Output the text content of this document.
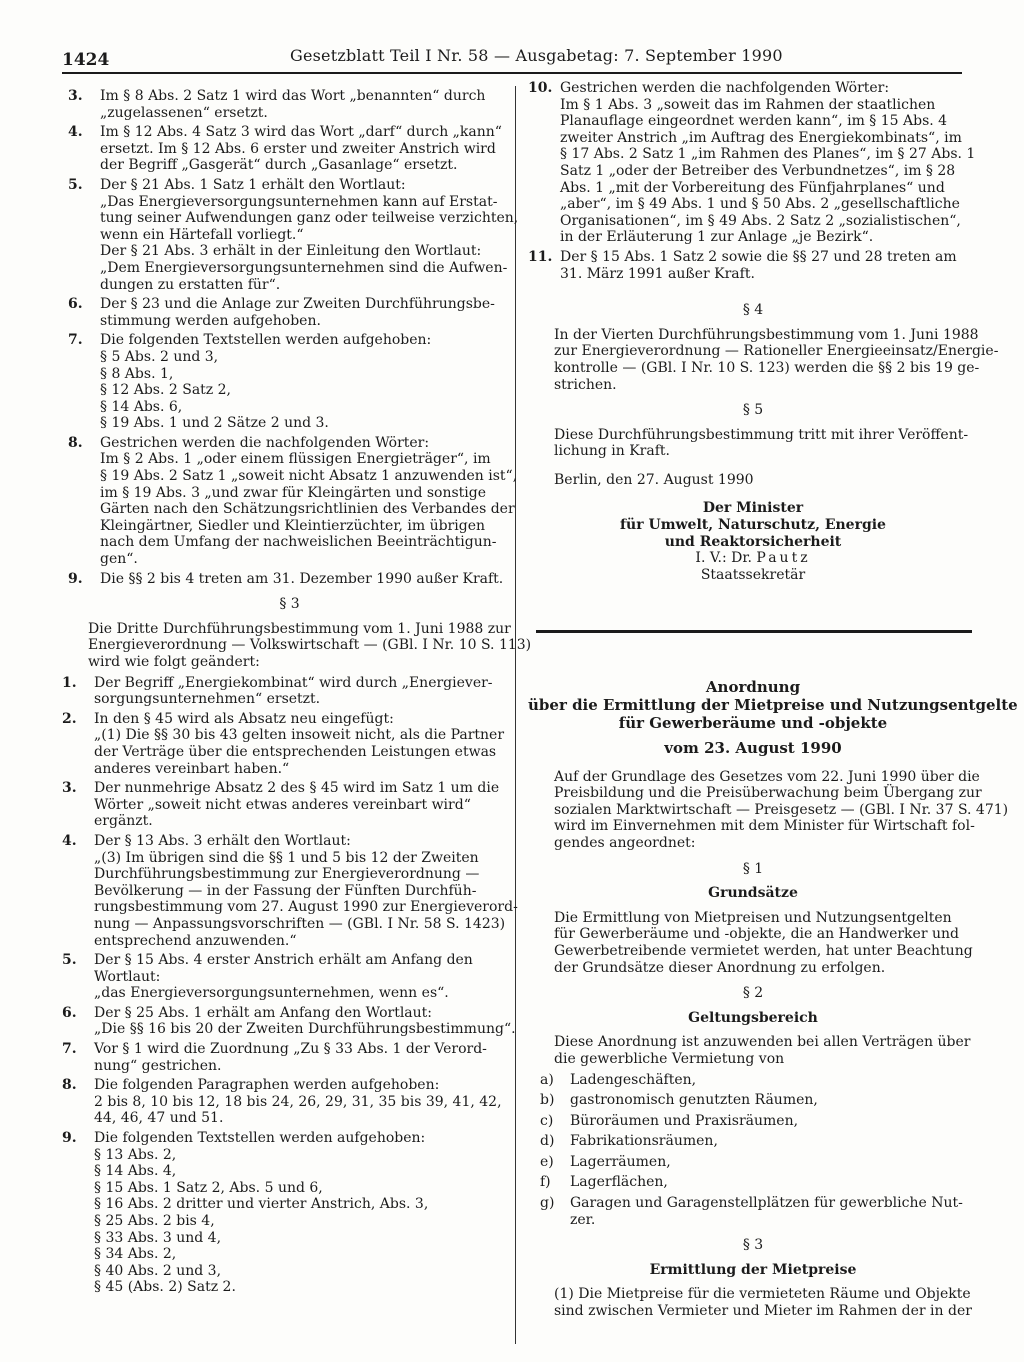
1424	Gesetzblatt Teil I Nr. 58 — Ausgabetag: 7. September 1990
3.	Im § 8 Abs. 2 Satz 1 wird das Wort „benannten“ durch
„zugelassenen“ ersetzt.
4.	Im § 12 Abs. 4 Satz 3 wird das Wort „darf“ durch „kann“
ersetzt. Im § 12 Abs. 6 erster und zweiter Anstrich wird
der Begriff „Gasgerät“ durch „Gasanlage“ ersetzt.
5.	Der § 21 Abs. 1 Satz 1 erhält den Wortlaut:
„Das Energieversorgungsunternehmen kann auf Erstat-
tung seiner Aufwendungen ganz oder teilweise verzichten,
wenn ein Härtefall vorliegt.“
Der § 21 Abs. 3 erhält in der Einleitung den Wortlaut:
„Dem Energieversorgungsunternehmen sind die Aufwen-
dungen zu erstatten für“.
6.	Der § 23 und die Anlage zur Zweiten Durchführungsbe-
stimmung werden aufgehoben.
7.	Die folgenden Textstellen werden aufgehoben:
§ 5 Abs. 2 und 3,
§ 8 Abs. 1,
§ 12 Abs. 2 Satz 2,
§ 14 Abs. 6,
§ 19 Abs. 1 und 2 Sätze 2 und 3.
8.	Gestrichen werden die nachfolgenden Wörter:
Im § 2 Abs. 1 „oder einem flüssigen Energieträger“, im
§ 19 Abs. 2 Satz 1 „soweit nicht Absatz 1 anzuwenden ist“,
im § 19 Abs. 3 „und zwar für Kleingärten und sonstige
Gärten nach den Schätzungsrichtlinien des Verbandes der
Kleingärtner, Siedler und Kleintierzüchter, im übrigen
nach dem Umfang der nachweislichen Beeinträchtigun-
gen“.
9.	Die §§ 2 bis 4 treten am 31. Dezember 1990 außer Kraft.
§ 3
Die Dritte Durchführungsbestimmung vom 1. Juni 1988 zur
Energieverordnung — Volkswirtschaft — (GBl. I Nr. 10 S. 113)
wird wie folgt geändert:
1.	Der Begriff „Energiekombinat“ wird durch „Energiever-
sorgungsunternehmen“ ersetzt.
2.	In den § 45 wird als Absatz neu eingefügt:
„(1) Die §§ 30 bis 43 gelten insoweit nicht, als die Partner
der Verträge über die entsprechenden Leistungen etwas
anderes vereinbart haben.“
3.	Der nunmehrige Absatz 2 des § 45 wird im Satz 1 um die
Wörter „soweit nicht etwas anderes vereinbart wird“
ergänzt.
4.	Der § 13 Abs. 3 erhält den Wortlaut:
„(3) Im übrigen sind die §§ 1 und 5 bis 12 der Zweiten
Durchführungsbestimmung zur Energieverordnung —
Bevölkerung — in der Fassung der Fünften Durchfüh-
rungsbestimmung vom 27. August 1990 zur Energieverord-
nung — Anpassungsvorschriften — (GBl. I Nr. 58 S. 1423)
entsprechend anzuwenden.“
5.	Der § 15 Abs. 4 erster Anstrich erhält am Anfang den
Wortlaut:
„das Energieversorgungsunternehmen, wenn es“.
6.	Der § 25 Abs. 1 erhält am Anfang den Wortlaut:
„Die §§ 16 bis 20 der Zweiten Durchführungsbestimmung“.
7.	Vor § 1 wird die Zuordnung „Zu § 33 Abs. 1 der Verord-
nung“ gestrichen.
8.	Die folgenden Paragraphen werden aufgehoben:
2 bis 8, 10 bis 12, 18 bis 24, 26, 29, 31, 35 bis 39, 41, 42,
44, 46, 47 und 51.
9.	Die folgenden Textstellen werden aufgehoben:
§ 13 Abs. 2,
§ 14 Abs. 4,
§ 15 Abs. 1 Satz 2, Abs. 5 und 6,
§ 16 Abs. 2 dritter und vierter Anstrich, Abs. 3,
§ 25 Abs. 2 bis 4,
§ 33 Abs. 3 und 4,
§ 34 Abs. 2,
§ 40 Abs. 2 und 3,
§ 45 (Abs. 2) Satz 2.
10. Gestrichen werden die nachfolgenden Wörter:
Im § 1 Abs. 3 „soweit das im Rahmen der staatlichen
Planauflage eingeordnet werden kann“, im § 15 Abs. 4
zweiter Anstrich „im Auftrag des Energiekombinats“, im
§ 17 Abs. 2 Satz 1 „im Rahmen des Planes“, im § 27 Abs. 1
Satz 1 „oder der Betreiber des Verbundnetzes“, im § 28
Abs. 1 „mit der Vorbereitung des Fünfjahrplanes“ und
„aber“, im § 49 Abs. 1 und § 50 Abs. 2 „gesellschaftliche
Organisationen“, im § 49 Abs. 2 Satz 2 „sozialistischen“,
in der Erläuterung 1 zur Anlage „je Bezirk“.
11. Der § 15 Abs. 1 Satz 2 sowie die §§ 27 und 28 treten am
31. März 1991 außer Kraft.
§ 4
In der Vierten Durchführungsbestimmung vom 1. Juni 1988
zur Energieverordnung — Rationeller Energieeinsatz/Energie-
kontrolle — (GBl. I Nr. 10 S. 123) werden die §§ 2 bis 19 ge-
strichen.
§ 5
Diese Durchführungsbestimmung tritt mit ihrer Veröffent-
lichung in Kraft.
Berlin, den 27. August 1990
Der Minister
für Umwelt, Naturschutz, Energie
und Reaktorsicherheit
I. V.: Dr. Pautz
Staatssekretär
Anordnung
über die Ermittlung der Mietpreise und Nutzungsentgelte
für Gewerberäume und -objekte
vom 23. August 1990
Auf der Grundlage des Gesetzes vom 22. Juni 1990 über die
Preisbildung und die Preisüberwachung beim Übergang zur
sozialen Marktwirtschaft — Preisgesetz — (GBl. I Nr. 37 S. 471)
wird im Einvernehmen mit dem Minister für Wirtschaft fol-
gendes angeordnet:
§ 1
Grundsätze
Die Ermittlung von Mietpreisen und Nutzungsentgelten
für Gewerberäume und -objekte, die an Handwerker und
Gewerbetreibende vermietet werden, hat unter Beachtung
der Grundsätze dieser Anordnung zu erfolgen.
§ 2
Geltungsbereich
Diese Anordnung ist anzuwenden bei allen Verträgen über
die gewerbliche Vermietung von
a)	Ladengeschäften,
b)	gastronomisch genutzten Räumen,
c)	Büroräumen und Praxisräumen,
d)	Fabrikationsräumen,
e)	Lagerräumen,
f)	Lagerflächen,
g)	Garagen und Garagenstellplätzen für gewerbliche Nut-
zer.
§ 3
Ermittlung der Mietpreise
(1) Die Mietpreise für die vermieteten Räume und Objekte
sind zwischen Vermieter und Mieter im Rahmen der in der
